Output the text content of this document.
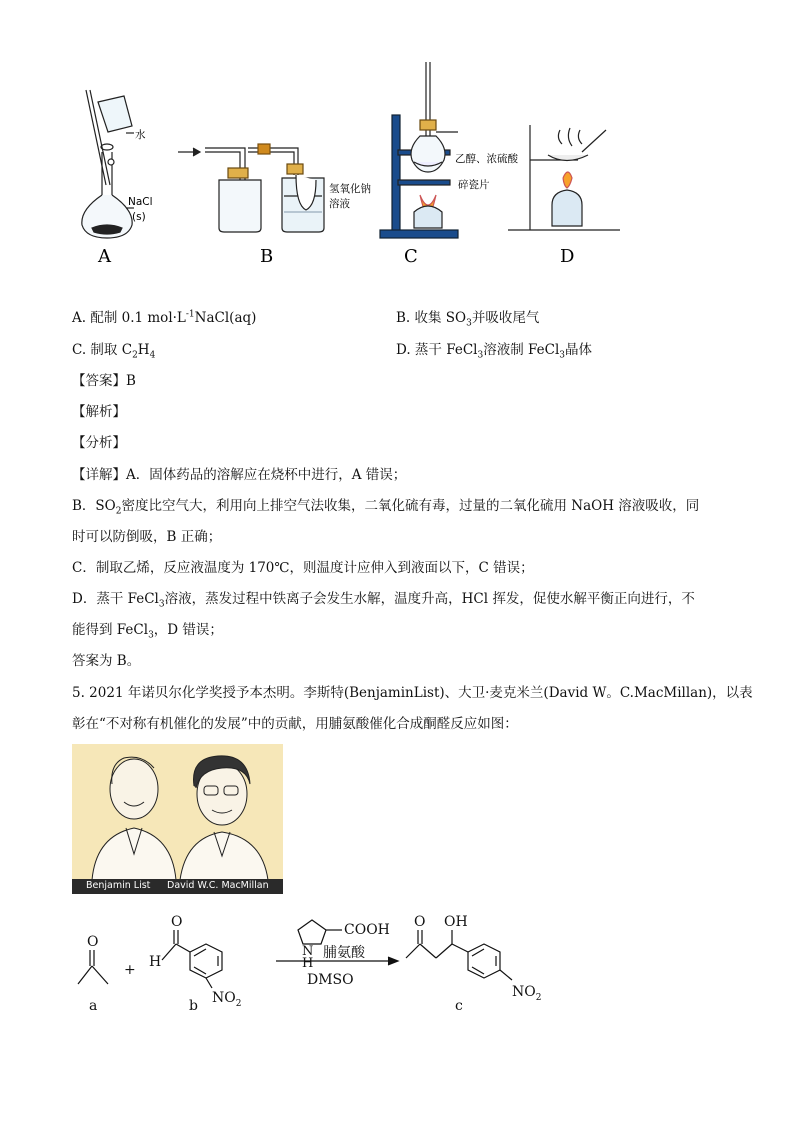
水
NaCl
(s)
氢氧化钠
溶液
乙醇、浓硫酸
碎瓷片
A	B	C	D
A. 配制 0.1 $mol\cdot L^{-1}NaCl(aq)$	B. 收集 $SO_3$并吸收尾气
C. 制取 $C_2H_4$	D. 蒸干 FeCl$_3$溶液制 FeCl$_3$晶体
【答案】B
【解析】
【分析】
【详解】A．固体药品的溶解应在烧杯中进行，A 错误；
B．$SO_2$密度比空气大，利用向上排空气法收集，二氧化硫有毒，过量的二氧化硫用 NaOH 溶液吸收，同
时可以防倒吸，B 正确；
C．制取乙烯，反应液温度为 170℃，则温度计应伸入到液面以下，C 错误；
D．蒸干 FeCl$_3$溶液，蒸发过程中铁离子会发生水解，温度升高，HCl 挥发，促使水解平衡正向进行，不
能得到 FeCl$_3$，D 错误；
答案为 B。
5. 2021 年诺贝尔化学奖授予本杰明。李斯特(BenjaminList)、大卫·麦克米兰(David W。C.MacMillan)，以表
彰在“不对称有机催化的发展”中的贡献，用脯氨酸催化合成酮醛反应如图：
Benjamin List David W.C. MacMillan
O
+
O
H
$NO_2$
COOH
N
H
脯氨酸
DMSO
O OH
$NO_2$
a	b	c
